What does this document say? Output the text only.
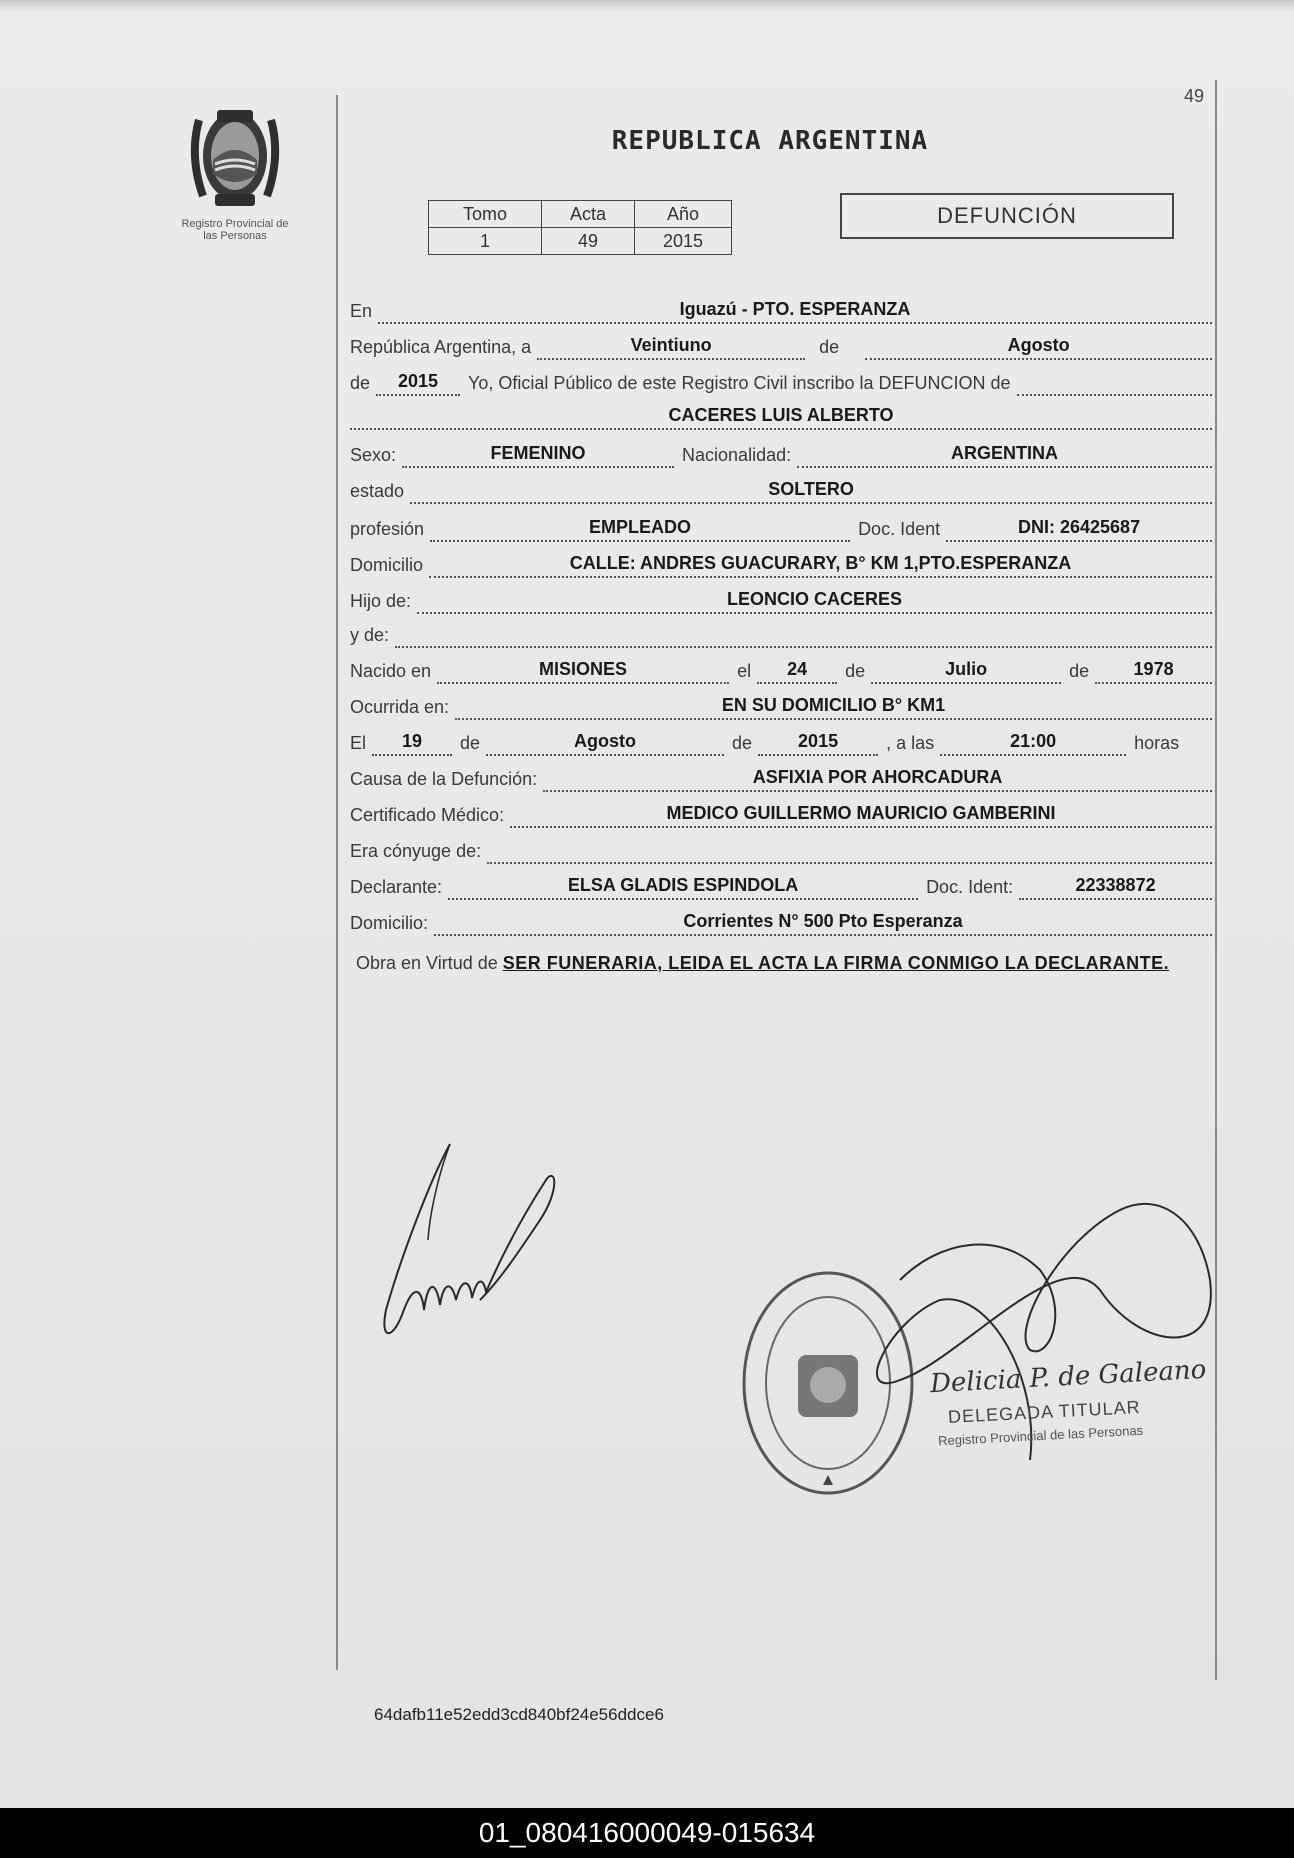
Registro Provincial de
las Personas
49
REPUBLICA ARGENTINA
Tomo	Acta	Año
1	49	2015
DEFUNCIÓN
En	Iguazú - PTO. ESPERANZA
República Argentina, a	Veintiuno	de	Agosto
de	2015	Yo, Oficial Público de este Registro Civil inscribo la DEFUNCION de
CACERES LUIS ALBERTO
Sexo:	FEMENINO	Nacionalidad:	ARGENTINA
estado	SOLTERO
profesión	EMPLEADO	Doc. Ident	DNI: 26425687
Domicilio	CALLE: ANDRES GUACURARY, B° KM 1,PTO.ESPERANZA
Hijo de:	LEONCIO CACERES
y de:
Nacido en	MISIONES	el	24	de	Julio	de	1978
Ocurrida en:	EN SU DOMICILIO B° KM1
El	19	de	Agosto	de	2015	, a las	21:00	horas
Causa de la Defunción:	ASFIXIA POR AHORCADURA
Certificado Médico:	MEDICO GUILLERMO MAURICIO GAMBERINI
Era cónyuge de:
Declarante:	ELSA GLADIS ESPINDOLA	Doc. Ident:	22338872
Domicilio:	Corrientes N° 500 Pto Esperanza
Obra en Virtud de SER FUNERARIA, LEIDA EL ACTA LA FIRMA CONMIGO LA DECLARANTE.
Delicia P. de Galeano
DELEGADA TITULAR
Registro Provincial de las Personas
64dafb11e52edd3cd840bf24e56ddce6
01_080416000049-015634
